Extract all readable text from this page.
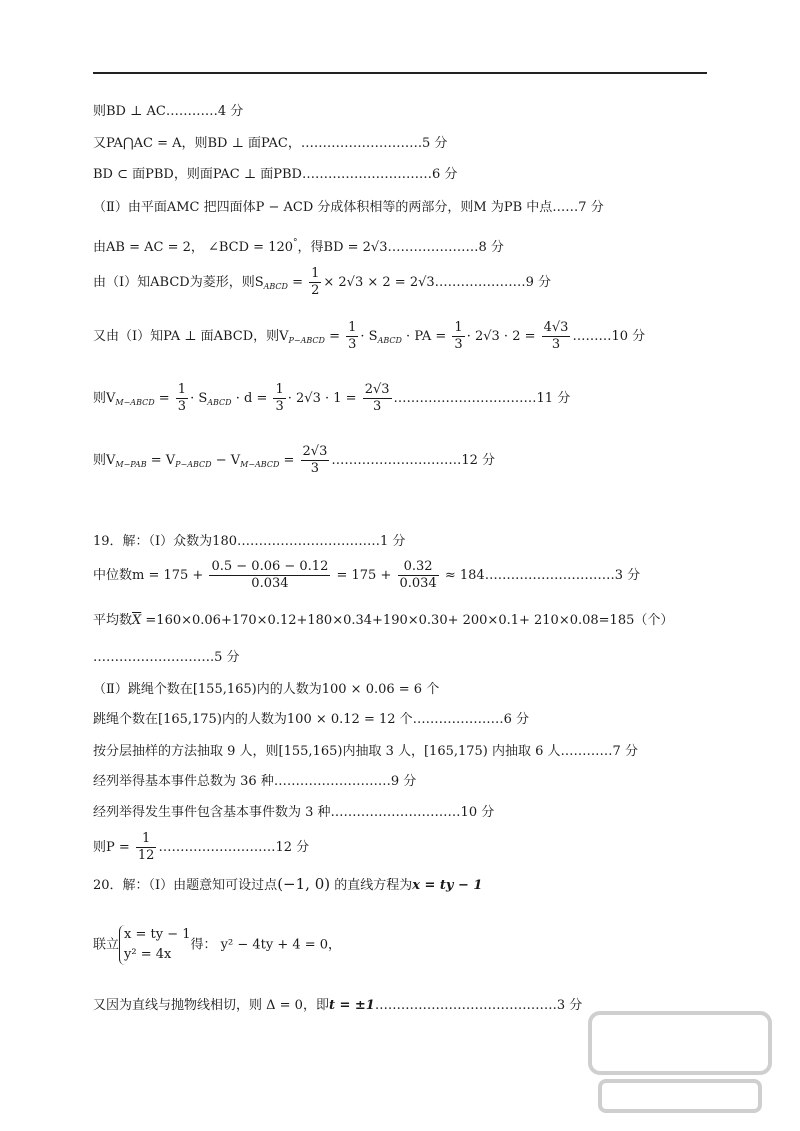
则BD ⊥ AC…………4 分
又PA⋂AC = A，则BD ⊥ 面PAC，……………………….5 分
BD ⊂ 面PBD，则面PAC ⊥ 面PBD…………………………6 分
（Ⅱ）由平面AMC 把四面体P − ACD 分成体积相等的两部分，则M 为PB 中点……7 分
由AB = AC = 2， ∠BCD = 120°，得BD = 2√3…………………8 分
由（Ⅰ）知ABCD为菱形，则$S_{ABCD} = \frac{1}{2} \times 2√3 \times 2$ = 2√3…………………9 分
又由（Ⅰ）知PA ⊥ 面ABCD，则$V_{P-ABCD} = \frac{1}{3} \cdot S_{ABCD}$ · PA = $\frac{1}{3} \cdot 2√3 \cdot 2 = \frac{4√3}{3}$ ………10 分
则$V_{M-ABCD} = \frac{1}{3} \cdot S_{ABCD} \cdot d = \frac{1}{3} \cdot 2√3 \cdot 1 = \frac{2√3}{3}$ ……………………………11 分
则$V_{M-PAB} = V_{P-ABCD} - V_{M-ABCD} = \frac{2√3}{3}$ …………………………12 分
19．解：（Ⅰ）众数为180……………………………1 分
中位数$m = 175 + \frac{0.5 - 0.06 - 0.12}{0.034} = 175 + \frac{0.32}{0.034}$ ≈ 184…………………………3 分
平均数$\overline{X} =160\times 0.06+170\times 0.12+180\times 0.34+190\times 0.30+ 200\times 0.1+ 210\times 0.08=185$（个）
……………………….5 分
（Ⅱ）跳绳个数在[155,165)内的人数为100 × 0.06 = 6 个
跳绳个数在[165,175)内的人数为100 × 0.12 = 12 个…………………6 分
按分层抽样的方法抽取 9 人，则[155,165)内抽取 3 人，[165,175) 内抽取 6 人…………7 分
经列举得基本事件总数为 36 种………………………9 分
经列举得发生事件包含基本事件数为 3 种…………………………10 分
则$P = \frac{1}{12}$ ………………………12 分
20．解：（Ⅰ）由题意知可设过点(−1, 0) 的直线方程为x = ty − 1
联立
x = ty − 1
y² = 4x
得： y² − 4ty + 4 = 0，
又因为直线与抛物线相切，则 Δ = 0，即t = ±1……………………………………3 分
